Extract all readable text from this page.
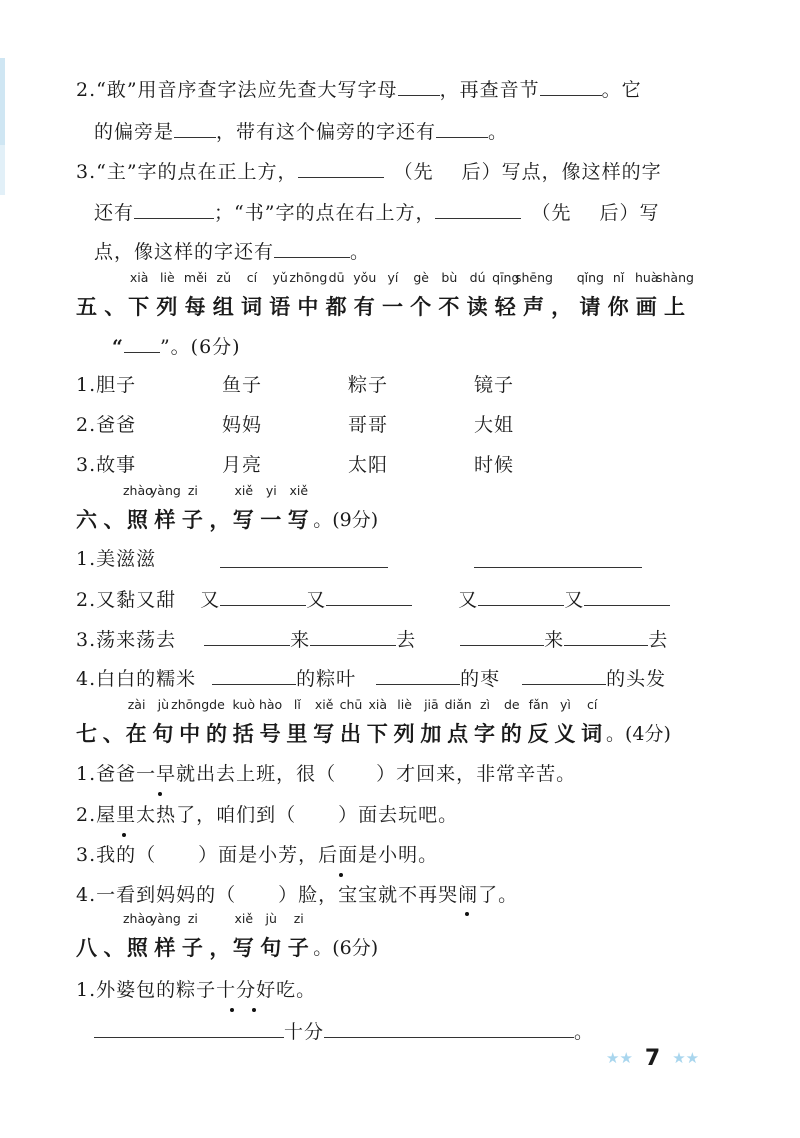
2.“敢”用音序查字法应先查大写字母 ，再查音节	。它
的偏旁是 ，带有这个偏旁的字还有	。
3.“主”字的点在正上方，	（先 后）写点，像这样的字
还有	；“书”字的点在右上方，	（先 后）写
点，像这样的字还有	。
五 、 下
xià
列
liè
每
měi
组
zǔ
词
cí
语
yǔ
中
zhōng
都
dū
有
yǒu
一
yí
个
gè
不
bù
读
dú
轻
qīng
声
shēng
， 请
qǐng
你
nǐ
画
huà
上
shàng
“ ”。(6分)
1.胆子	鱼子	粽子	镜子
2.爸爸	妈妈	哥哥	大姐
3.故事	月亮	太阳	时候
六 、 照
zhào
样
yàng
子
zi
， 写
xiě
一
yi
写
xiě
。(9分)
1.美滋滋
2.又黏又甜 又	又	又	又
3.荡来荡去	来	去	来	去
4.白白的糯米	的粽叶	的枣	的头发
七 、 在
zài
句
jù
中
zhōng
的
de
括
kuò
号
hào
里
lǐ
写
xiě
出
chū
下
xià
列
liè
加
jiā
点
diǎn
字
zì
的
de
反
fǎn
义
yì
词
cí
。(4分)
1.爸爸一早就出去上班，很（ ）才回来，非常辛苦。
2.屋里太热了，咱们到（ ）面去玩吧。
3.我的（ ）面是小芳，后面是小明。
4.一看到妈妈的（ ）脸，宝宝就不再哭闹了。
八 、 照
zhào
样
yàng
子
zi
， 写
xiě
句
jù
子
zi
。(6分)
1.外婆包的粽子十分好吃。
十分	。
★★ 7 ★★
